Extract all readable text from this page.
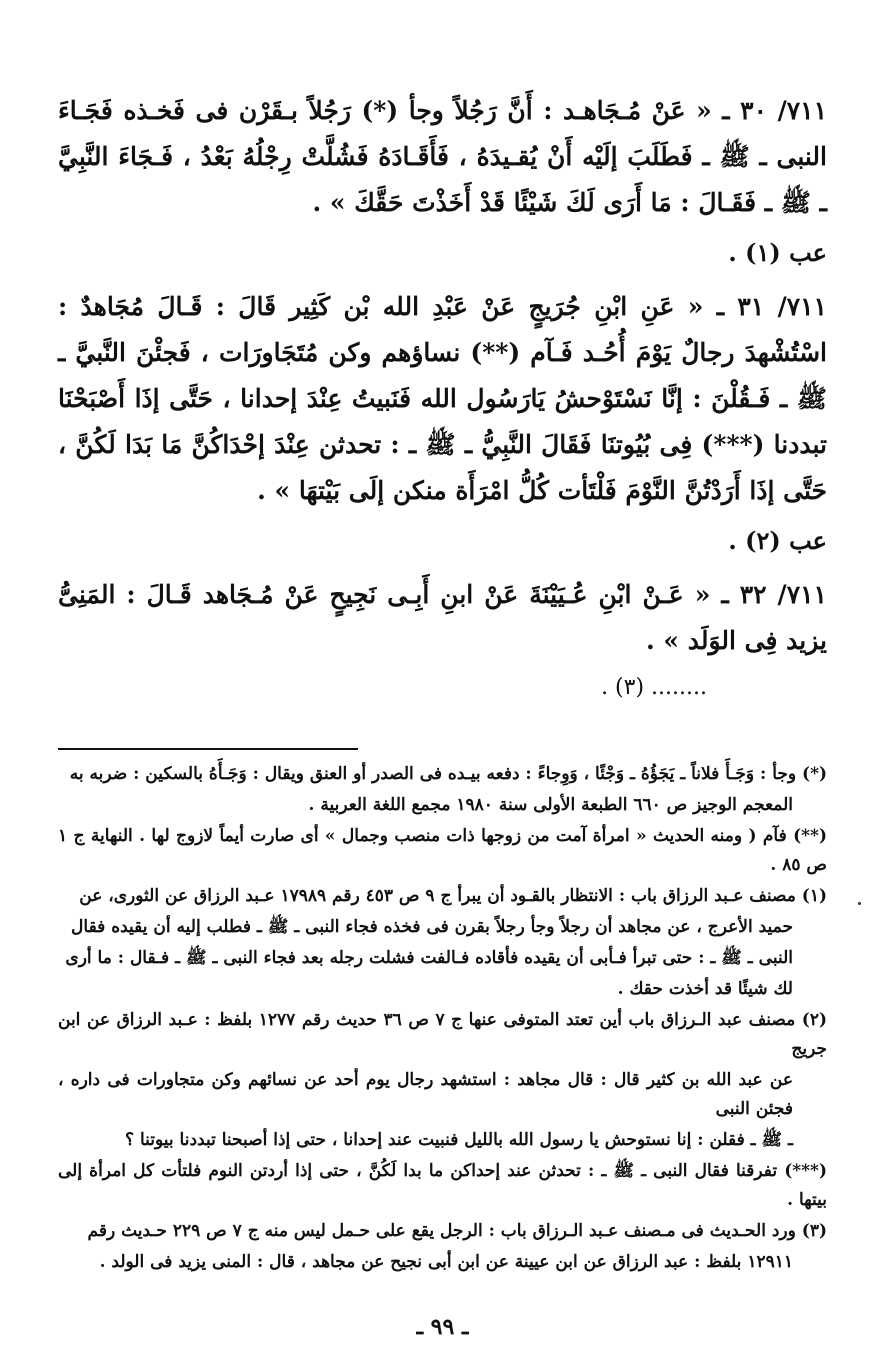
٧١١/ ٣٠ ـ « عَنْ مُـجَاهـد : أَنَّ رَجُلاً وجأ (*) رَجُلاً بـقَرْن فى فَخـذه فَجَـاءَ النبى ـ ﷺ ـ فَطَلَبَ إلَيْه أَنْ يُقـيدَهُ ، فَأَقَـادَهُ فَشُلَّتْ رِجْلُهُ بَعْدُ ، فَـجَاءَ النَّبِيَّ ـ ﷺ ـ فَقَـالَ : مَا أَرَى لَكَ شَيْئًا قَدْ أَخَذْتَ حَقَّكَ » .

عب (١) .

٧١١/ ٣١ ـ « عَنِ ابْنِ جُرَيجٍ عَنْ عَبْدِ الله بْن كَثِير قَالَ : قَـالَ مُجَاهدٌ : اسْتُشْهدَ رجالٌ يَوْمَ أُحُـد فَـآم (**) نساؤهم وكن مُتَجَاورَات ، فَجئْنَ النَّبيَّ ـ ﷺ ـ فَـقُلْنَ : إنَّا نَسْتَوْحشُ يَارَسُول الله فَنَبيتُ عِنْدَ إحدانا ، حَتَّى إذَا أَصْبَحْنَا تبددنا (***) فِى بُيُوتنَا فَقَالَ النَّبِيُّ ـ ﷺ ـ : تحدثن عِنْدَ إحْدَاكُنَّ مَا بَدَا لَكُنَّ ، حَتَّى إذَا أَرَدْتُنَّ النَّوْمَ فَلْتَأت كُلُّ امْرَأَة منكن إلَى بَيْتهَا » .

عب (٢) .

٧١١/ ٣٢ ـ « عَـنْ ابْنِ عُـيَيْنَةَ عَنْ ابنِ أَبِـى نَجِيحٍ عَنْ مُـجَاهد قَـالَ : المَنِىُّ يزيد فِى الوَلَد » .

........ (٣) .

(*) وجأ : وَجَـأَ فلاناً ـ يَجَؤُهُ ـ وَجْئًا ، وَوِجاءً : دفعه بيـده فى الصدر أو العنق ويقال : وَجَـأَهُ بالسكين : ضربه به

المعجم الوجيز ص ٦٦٠ الطبعة الأولى سنة ١٩٨٠ مجمع اللغة العربية .

(**) فآم ( ومنه الحديث « امرأة آمت من زوجها ذات منصب وجمال » أى صارت أيماً لازوج لها . النهاية ج ١ ص ٨٥ .

(١) مصنف عـبد الرزاق باب : الانتظار بالقـود أن يبرأ ج ٩ ص ٤٥٣ رقم ١٧٩٨٩ عـبد الرزاق عن الثورى، عن

حميد الأعرج ، عن مجاهد أن رجلاً وجأ رجلاً بقرن فى فخذه فجاء النبى ـ ﷺ ـ فطلب إليه أن يقيده فقال

النبى ـ ﷺ ـ : حتى تبرأ فـأبى أن يقيده فأقاده فـالفت فشلت رجله بعد فجاء النبى ـ ﷺ ـ فـقال : ما أرى

لك شيئًا قد أخذت حقك .

(٢) مصنف عبد الـرزاق باب أين تعتد المتوفى عنها ج ٧ ص ٣٦ حديث رقم ١٢٧٧ بلفظ : عـبد الرزاق عن ابن جريج

عن عبد الله بن كثير قال : قال مجاهد : استشهد رجال يوم أحد عن نسائهم وكن متجاورات فى داره ، فجئن النبى

ـ ﷺ ـ فقلن : إنا نستوحش يا رسول الله بالليل فنبيت عند إحدانا ، حتى إذا أصبحنا تبددنا بيوتنا ؟

(***) تفرقنا فقال النبى ـ ﷺ ـ : تحدثن عند إحداكن ما بدا لَكُنَّ ، حتى إذا أردتن النوم فلتأت كل امرأة إلى بيتها .

(٣) ورد الحـديث فى مـصنف عـبد الـرزاق باب : الرجل يقع على حـمل ليس منه ج ٧ ص ٢٢٩ حـديث رقم

١٢٩١١ بلفظ : عبد الرزاق عن ابن عيينة عن ابن أبى نجيح عن مجاهد ، قال : المنى يزيد فى الولد .

ـ ٩٩ ـ
